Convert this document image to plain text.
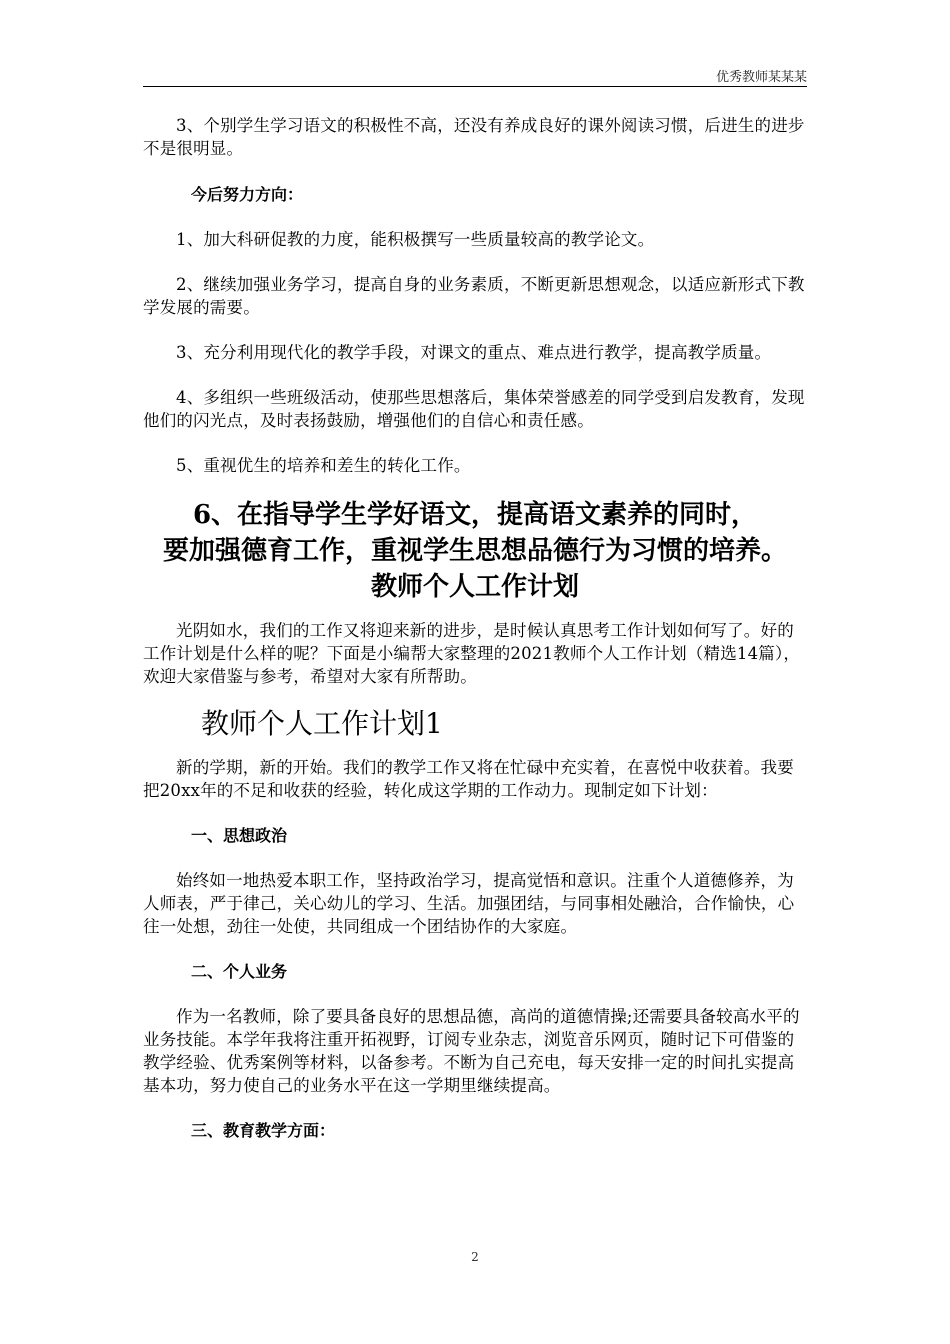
优秀教师某某某

3、个别学生学习语文的积极性不高，还没有养成良好的课外阅读习惯，后进生的进步不是很明显。

今后努力方向：

1、加大科研促教的力度，能积极撰写一些质量较高的教学论文。

2、继续加强业务学习，提高自身的业务素质，不断更新思想观念，以适应新形式下教学发展的需要。

3、充分利用现代化的教学手段，对课文的重点、难点进行教学，提高教学质量。

4、多组织一些班级活动，使那些思想落后，集体荣誉感差的同学受到启发教育，发现他们的闪光点，及时表扬鼓励，增强他们的自信心和责任感。

5、重视优生的培养和差生的转化工作。

6、在指导学生学好语文，提高语文素养的同时，
要加强德育工作，重视学生思想品德行为习惯的培养。
教师个人工作计划

光阴如水，我们的工作又将迎来新的进步，是时候认真思考工作计划如何写了。好的工作计划是什么样的呢？下面是小编帮大家整理的2021教师个人工作计划（精选14篇），欢迎大家借鉴与参考，希望对大家有所帮助。

教师个人工作计划1

新的学期，新的开始。我们的教学工作又将在忙碌中充实着，在喜悦中收获着。我要把20xx年的不足和收获的经验，转化成这学期的工作动力。现制定如下计划：

一、思想政治

始终如一地热爱本职工作，坚持政治学习，提高觉悟和意识。注重个人道德修养，为人师表，严于律己，关心幼儿的学习、生活。加强团结，与同事相处融洽，合作愉快，心往一处想，劲往一处使，共同组成一个团结协作的大家庭。

二、个人业务

作为一名教师，除了要具备良好的思想品德，高尚的道德情操;还需要具备较高水平的业务技能。本学年我将注重开拓视野，订阅专业杂志，浏览音乐网页，随时记下可借鉴的教学经验、优秀案例等材料，以备参考。不断为自己充电，每天安排一定的时间扎实提高基本功，努力使自己的业务水平在这一学期里继续提高。

三、教育教学方面：

2
